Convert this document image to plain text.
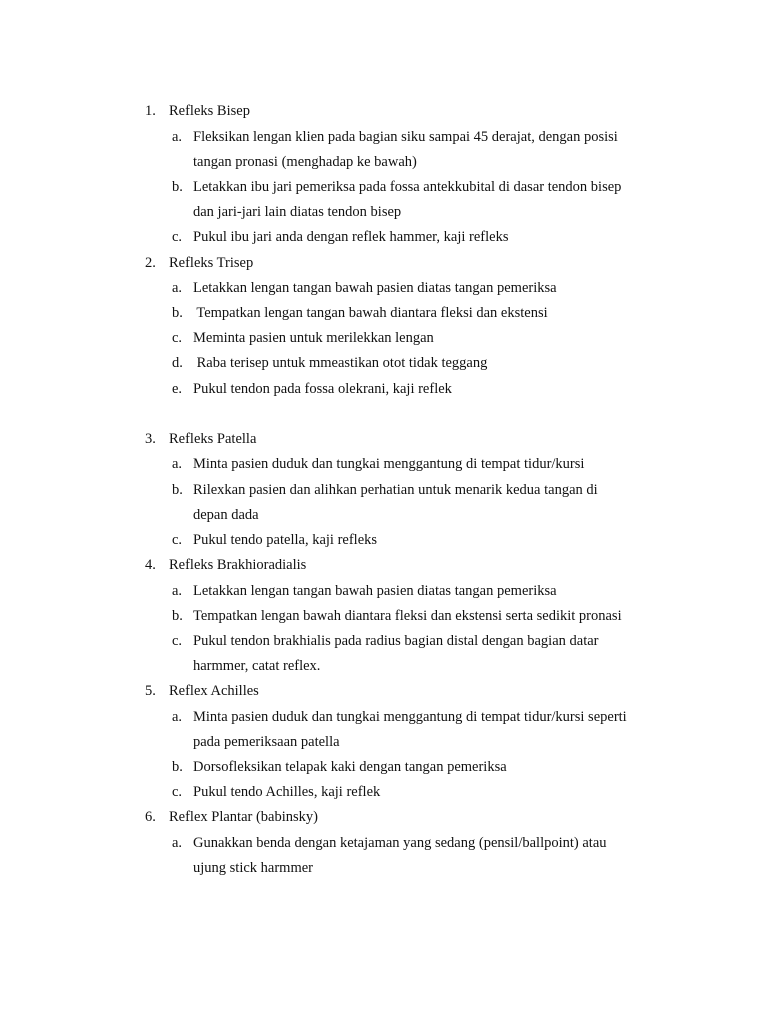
1. Refleks Bisep
a. Fleksikan lengan klien pada bagian siku sampai 45 derajat, dengan posisi
tangan pronasi (menghadap ke bawah)
b. Letakkan ibu jari pemeriksa pada fossa antekkubital di dasar tendon bisep
dan jari-jari lain diatas tendon bisep
c. Pukul ibu jari anda dengan reflek hammer, kaji refleks
2. Refleks Trisep
a. Letakkan lengan tangan bawah pasien diatas tangan pemeriksa
b. Tempatkan lengan tangan bawah diantara fleksi dan ekstensi
c. Meminta pasien untuk merilekkan lengan
d. Raba terisep untuk mmeastikan otot tidak teggang
e. Pukul tendon pada fossa olekrani, kaji reflek
3. Refleks Patella
a. Minta pasien duduk dan tungkai menggantung di tempat tidur/kursi
b. Rilexkan pasien dan alihkan perhatian untuk menarik kedua tangan di
depan dada
c. Pukul tendo patella, kaji refleks
4. Refleks Brakhioradialis
a. Letakkan lengan tangan bawah pasien diatas tangan pemeriksa
b. Tempatkan lengan bawah diantara fleksi dan ekstensi serta sedikit pronasi
c. Pukul tendon brakhialis pada radius bagian distal dengan bagian datar
harmmer, catat reflex.
5. Reflex Achilles
a. Minta pasien duduk dan tungkai menggantung di tempat tidur/kursi seperti
pada pemeriksaan patella
b. Dorsofleksikan telapak kaki dengan tangan pemeriksa
c. Pukul tendo Achilles, kaji reflek
6. Reflex Plantar (babinsky)
a. Gunakkan benda dengan ketajaman yang sedang (pensil/ballpoint) atau
ujung stick harmmer
